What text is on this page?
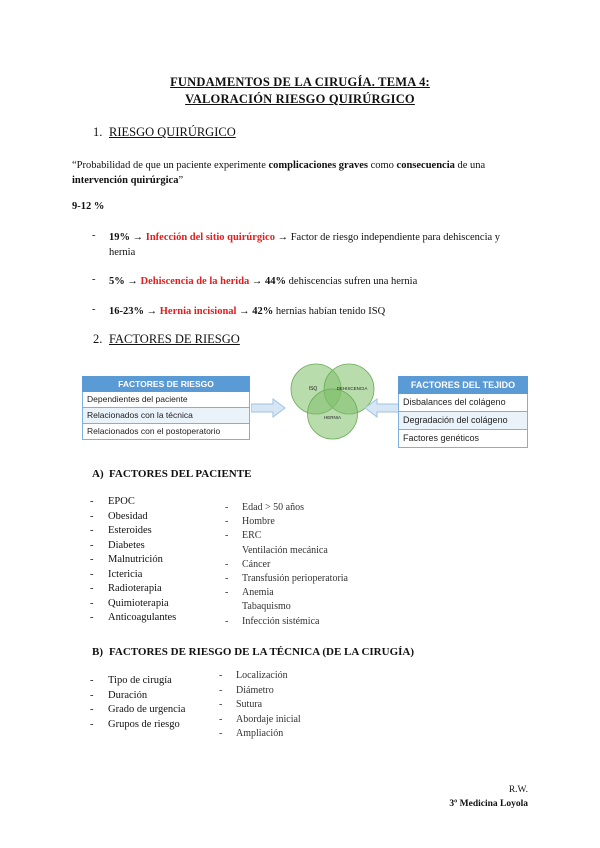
FUNDAMENTOS DE LA CIRUGÍA. TEMA 4:
VALORACIÓN RIESGO QUIRÚRGICO
1. RIESGO QUIRÚRGICO
“Probabilidad de que un paciente experimente complicaciones graves como consecuencia de una
intervención quirúrgica”
9-12 %
- 19% → Infección del sitio quirúrgico → Factor de riesgo independiente para dehiscencia y
hernia
- 5% → Dehiscencia de la herida → 44% dehiscencias sufren una hernia
- 16-23% → Hernia incisional → 42% hernias habían tenido ISQ
2. FACTORES DE RIESGO
FACTORES DE RIESGO
Dependientes del paciente
Relacionados con la técnica
Relacionados con el postoperatorio
ISQ	DEHISCENCIA
HERNIA
FACTORES DEL TEJIDO
Disbalances del colágeno
Degradación del colágeno
Factores genéticos
A) FACTORES DEL PACIENTE
- EPOC
- Obesidad
- Esteroides
- Diabetes
- Malnutrición
- Ictericia
- Radioterapia
- Quimioterapia
- Anticoagulantes
- Edad > 50 años
- Hombre
- ERC
Ventilación mecánica
- Cáncer
- Transfusión perioperatoria
- Anemia
Tabaquismo
- Infección sistémica
B) FACTORES DE RIESGO DE LA TÉCNICA (DE LA CIRUGÍA)
- Tipo de cirugía
- Duración
- Grado de urgencia
- Grupos de riesgo
- Localización
- Diámetro
- Sutura
- Abordaje inicial
- Ampliación
R.W.
3º Medicina Loyola
